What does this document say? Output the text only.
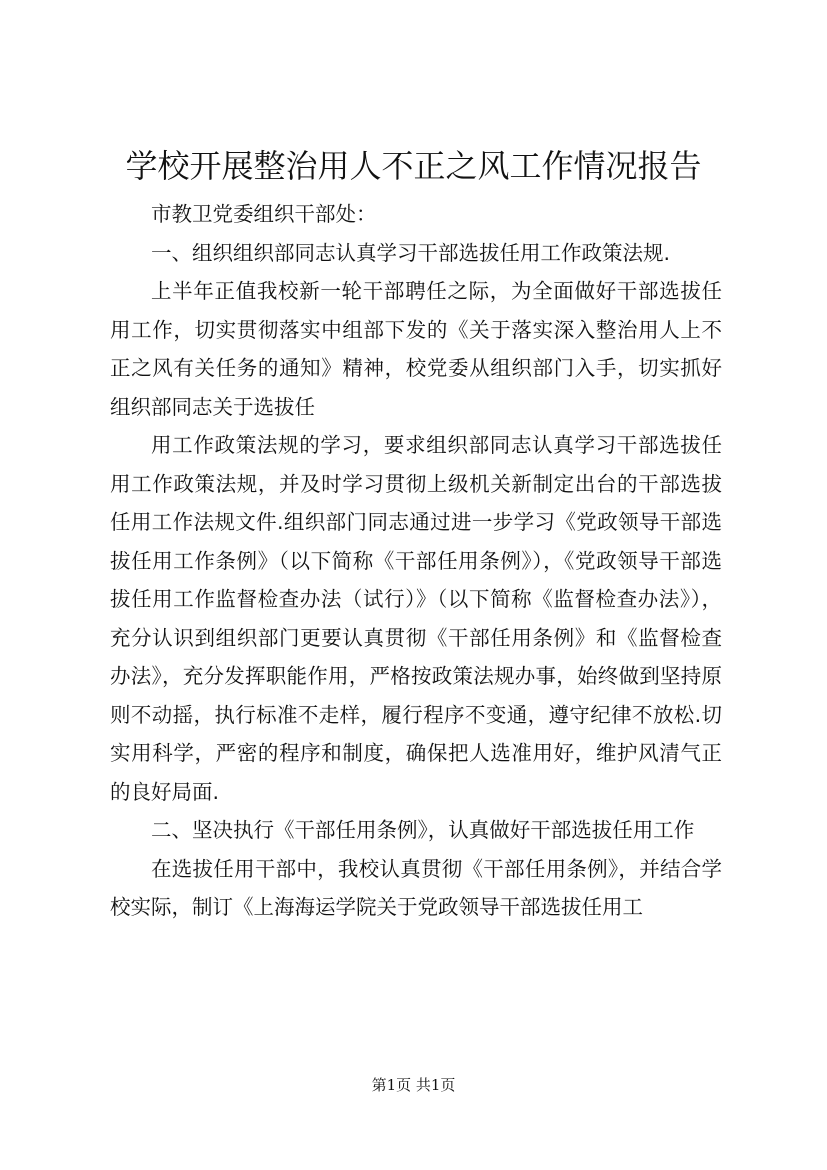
学校开展整治用人不正之风工作情况报告

市教卫党委组织干部处：

一、组织组织部同志认真学习干部选拔任用工作政策法规.

上半年正值我校新一轮干部聘任之际，为全面做好干部选拔任用工作，切实贯彻落实中组部下发的《关于落实深入整治用人上不正之风有关任务的通知》精神，校党委从组织部门入手，切实抓好组织部同志关于选拔任

用工作政策法规的学习，要求组织部同志认真学习干部选拔任用工作政策法规，并及时学习贯彻上级机关新制定出台的干部选拔任用工作法规文件.组织部门同志通过进一步学习《党政领导干部选拔任用工作条例》（以下简称《干部任用条例》），《党政领导干部选拔任用工作监督检查办法（试行）》（以下简称《监督检查办法》），充分认识到组织部门更要认真贯彻《干部任用条例》和《监督检查办法》，充分发挥职能作用，严格按政策法规办事，始终做到坚持原则不动摇，执行标准不走样，履行程序不变通，遵守纪律不放松.切实用科学，严密的程序和制度，确保把人选准用好，维护风清气正的良好局面.

二、坚决执行《干部任用条例》，认真做好干部选拔任用工作

在选拔任用干部中，我校认真贯彻《干部任用条例》，并结合学校实际，制订《上海海运学院关于党政领导干部选拔任用工

第1页 共1页
